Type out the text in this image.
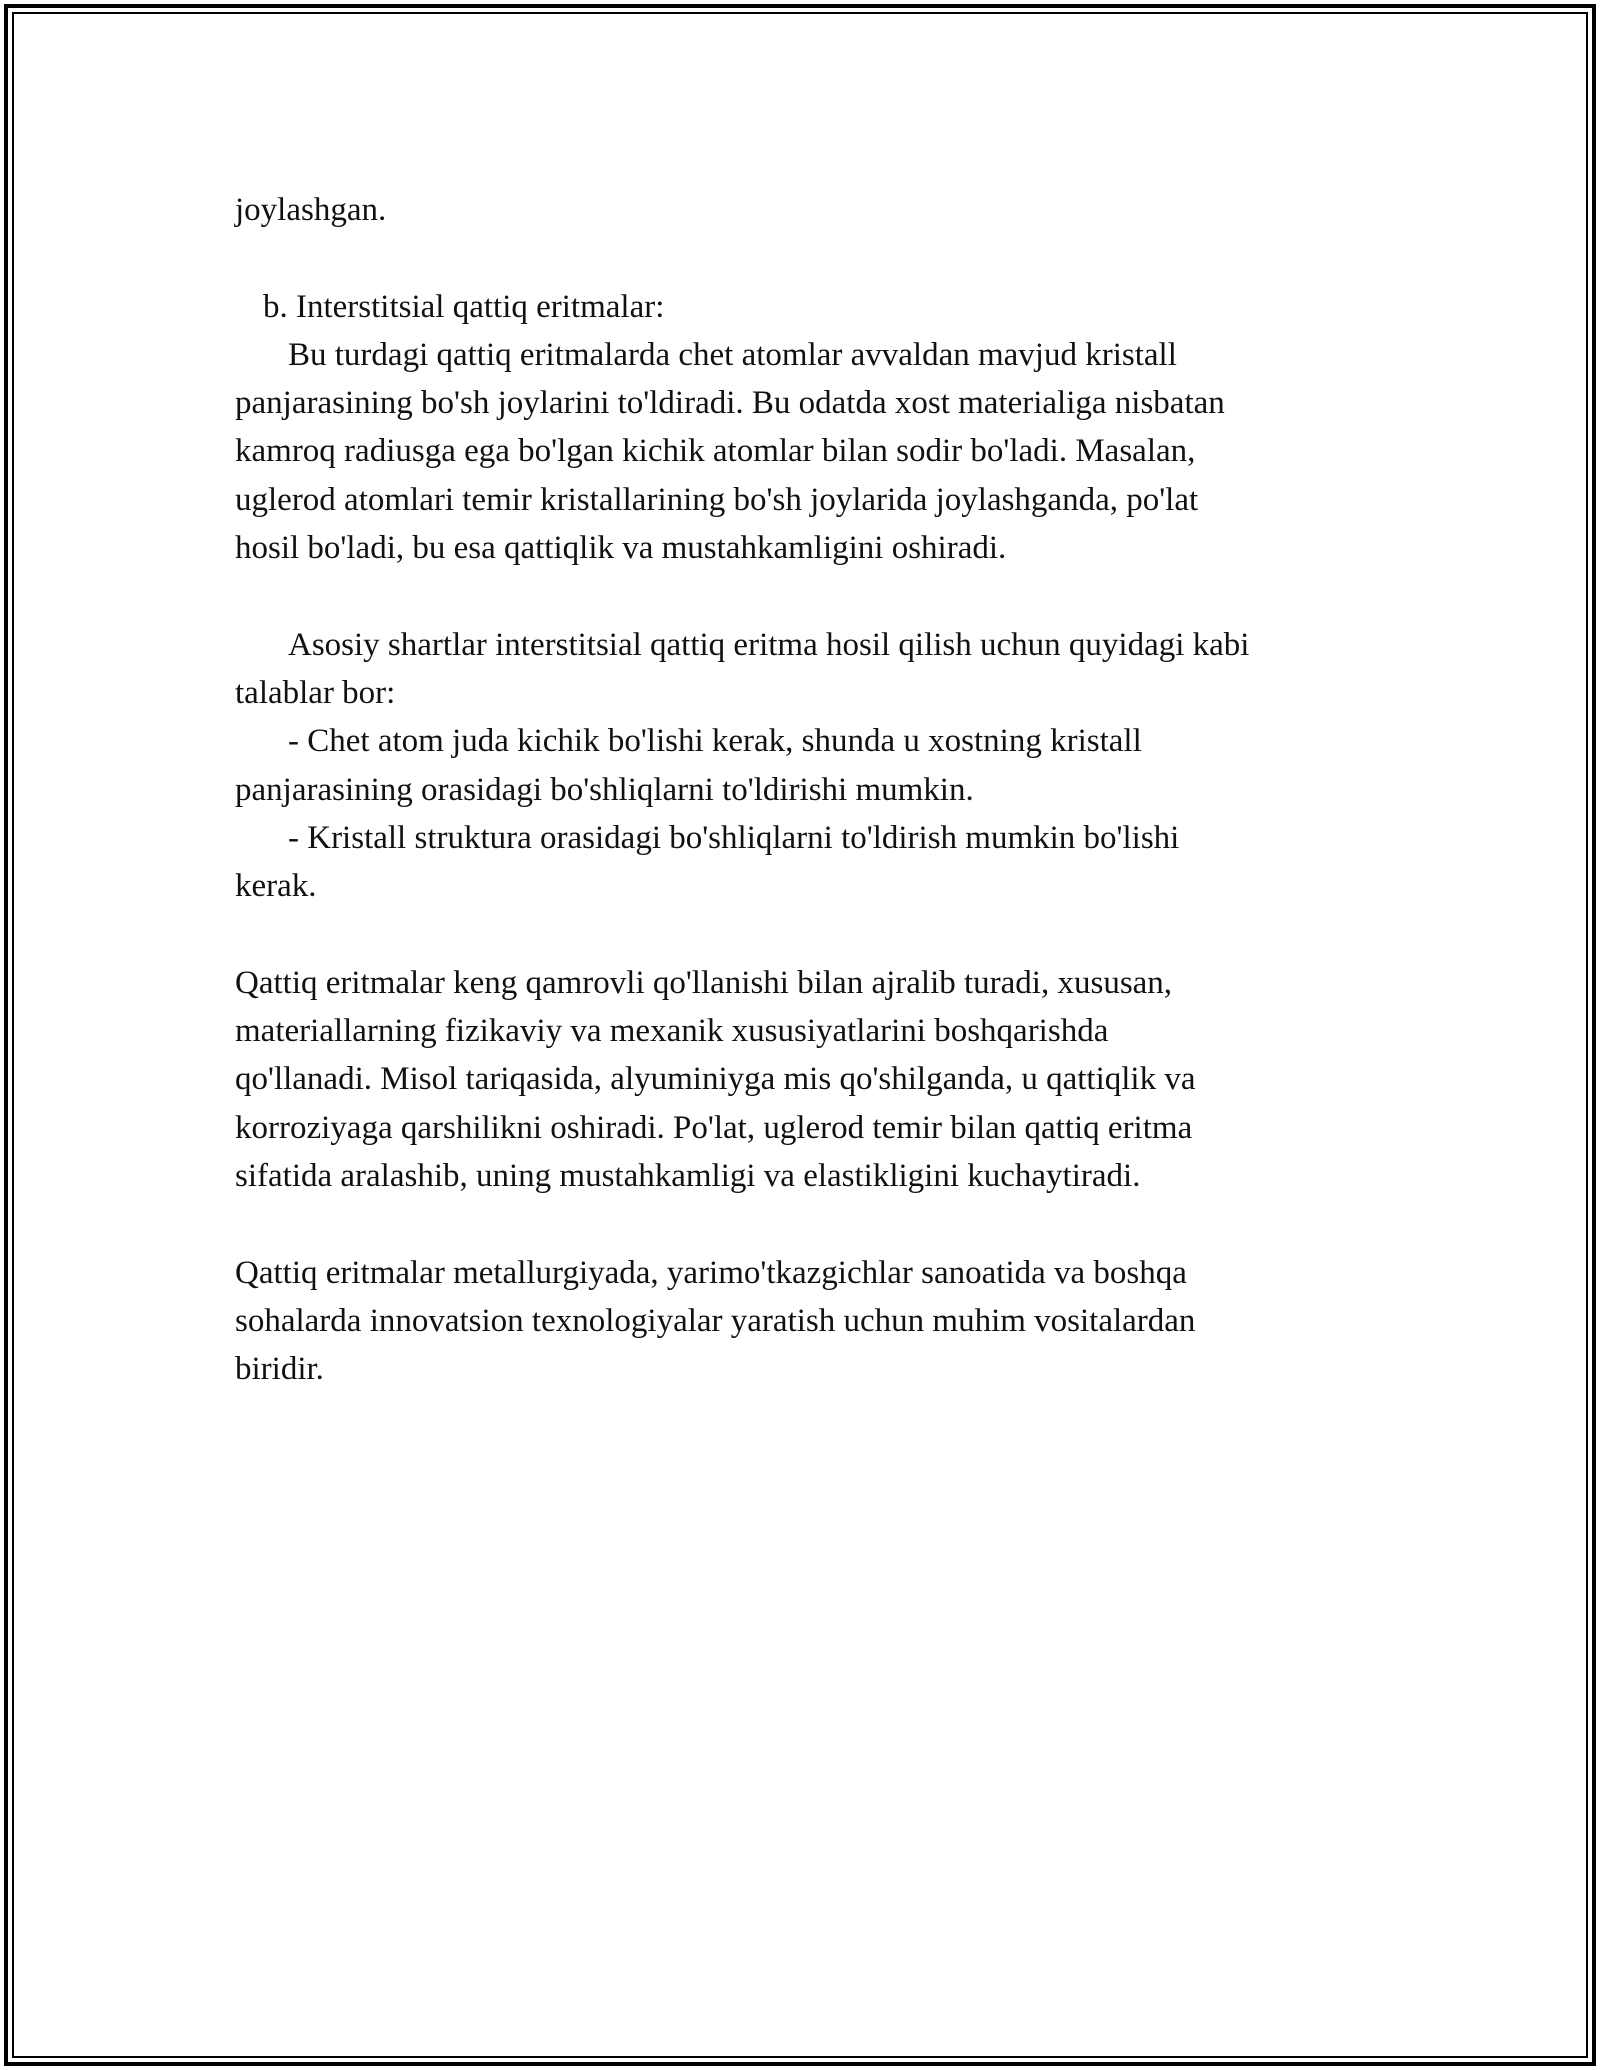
joylashgan.
b. Interstitsial qattiq eritmalar:
Bu turdagi qattiq eritmalarda chet atomlar avvaldan mavjud kristall
panjarasining bo'sh joylarini to'ldiradi. Bu odatda xost materialiga nisbatan
kamroq radiusga ega bo'lgan kichik atomlar bilan sodir bo'ladi. Masalan,
uglerod atomlari temir kristallarining bo'sh joylarida joylashganda, po'lat
hosil bo'ladi, bu esa qattiqlik va mustahkamligini oshiradi.
Asosiy shartlar interstitsial qattiq eritma hosil qilish uchun quyidagi kabi
talablar bor:
- Chet atom juda kichik bo'lishi kerak, shunda u xostning kristall
panjarasining orasidagi bo'shliqlarni to'ldirishi mumkin.
- Kristall struktura orasidagi bo'shliqlarni to'ldirish mumkin bo'lishi
kerak.
Qattiq eritmalar keng qamrovli qo'llanishi bilan ajralib turadi, xususan,
materiallarning fizikaviy va mexanik xususiyatlarini boshqarishda
qo'llanadi. Misol tariqasida, alyuminiyga mis qo'shilganda, u qattiqlik va
korroziyaga qarshilikni oshiradi. Po'lat, uglerod temir bilan qattiq eritma
sifatida aralashib, uning mustahkamligi va elastikligini kuchaytiradi.
Qattiq eritmalar metallurgiyada, yarimo'tkazgichlar sanoatida va boshqa
sohalarda innovatsion texnologiyalar yaratish uchun muhim vositalardan
biridir.
